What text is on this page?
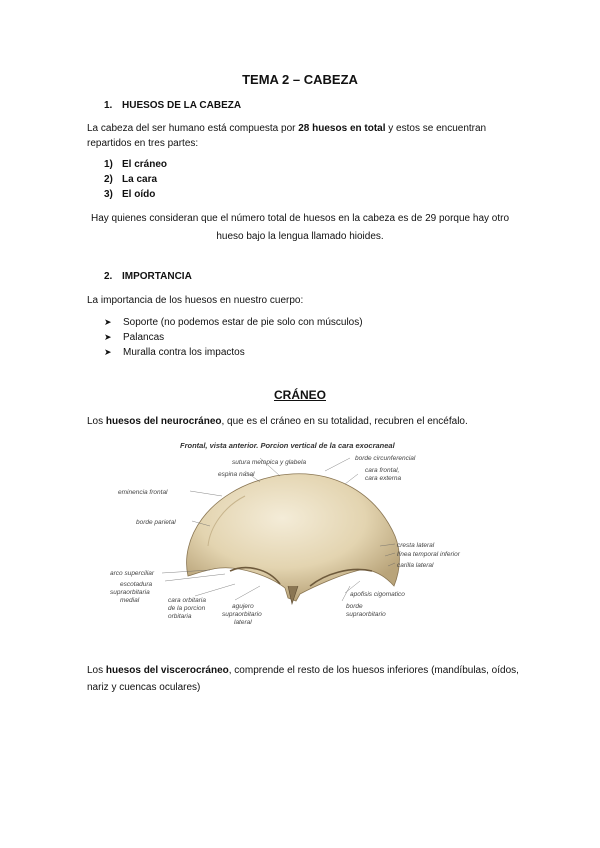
TEMA 2 – CABEZA
1. HUESOS DE LA CABEZA
La cabeza del ser humano está compuesta por 28 huesos en total y estos se encuentran
repartidos en tres partes:
1) El cráneo
2) La cara
3) El oído
Hay quienes consideran que el número total de huesos en la cabeza es de 29 porque hay otro
hueso bajo la lengua llamado hioides.
2. IMPORTANCIA
La importancia de los huesos en nuestro cuerpo:
➤ Soporte (no podemos estar de pie solo con músculos)
➤ Palancas
➤ Muralla contra los impactos
CRÁNEO
Los huesos del neurocráneo, que es el cráneo en su totalidad, recubren el encéfalo.
Frontal, vista anterior. Porcion vertical de la cara exocraneal
sutura metopica y glabela
espina nasal
eminencia frontal
borde parietal
borde circunferencial
cara frontal,
cara externa
cresta lateral
línea temporal inferior
carilla lateral
arco superciliar
escotadura
supraorbitaria
medial	cara orbitaria
de la porcion
orbitaria
agujero
supraorbitario
lateral
apofisis cigomatico
borde
supraorbitario
Los huesos del viscerocráneo, comprende el resto de los huesos inferiores (mandíbulas, oídos,
nariz y cuencas oculares)
